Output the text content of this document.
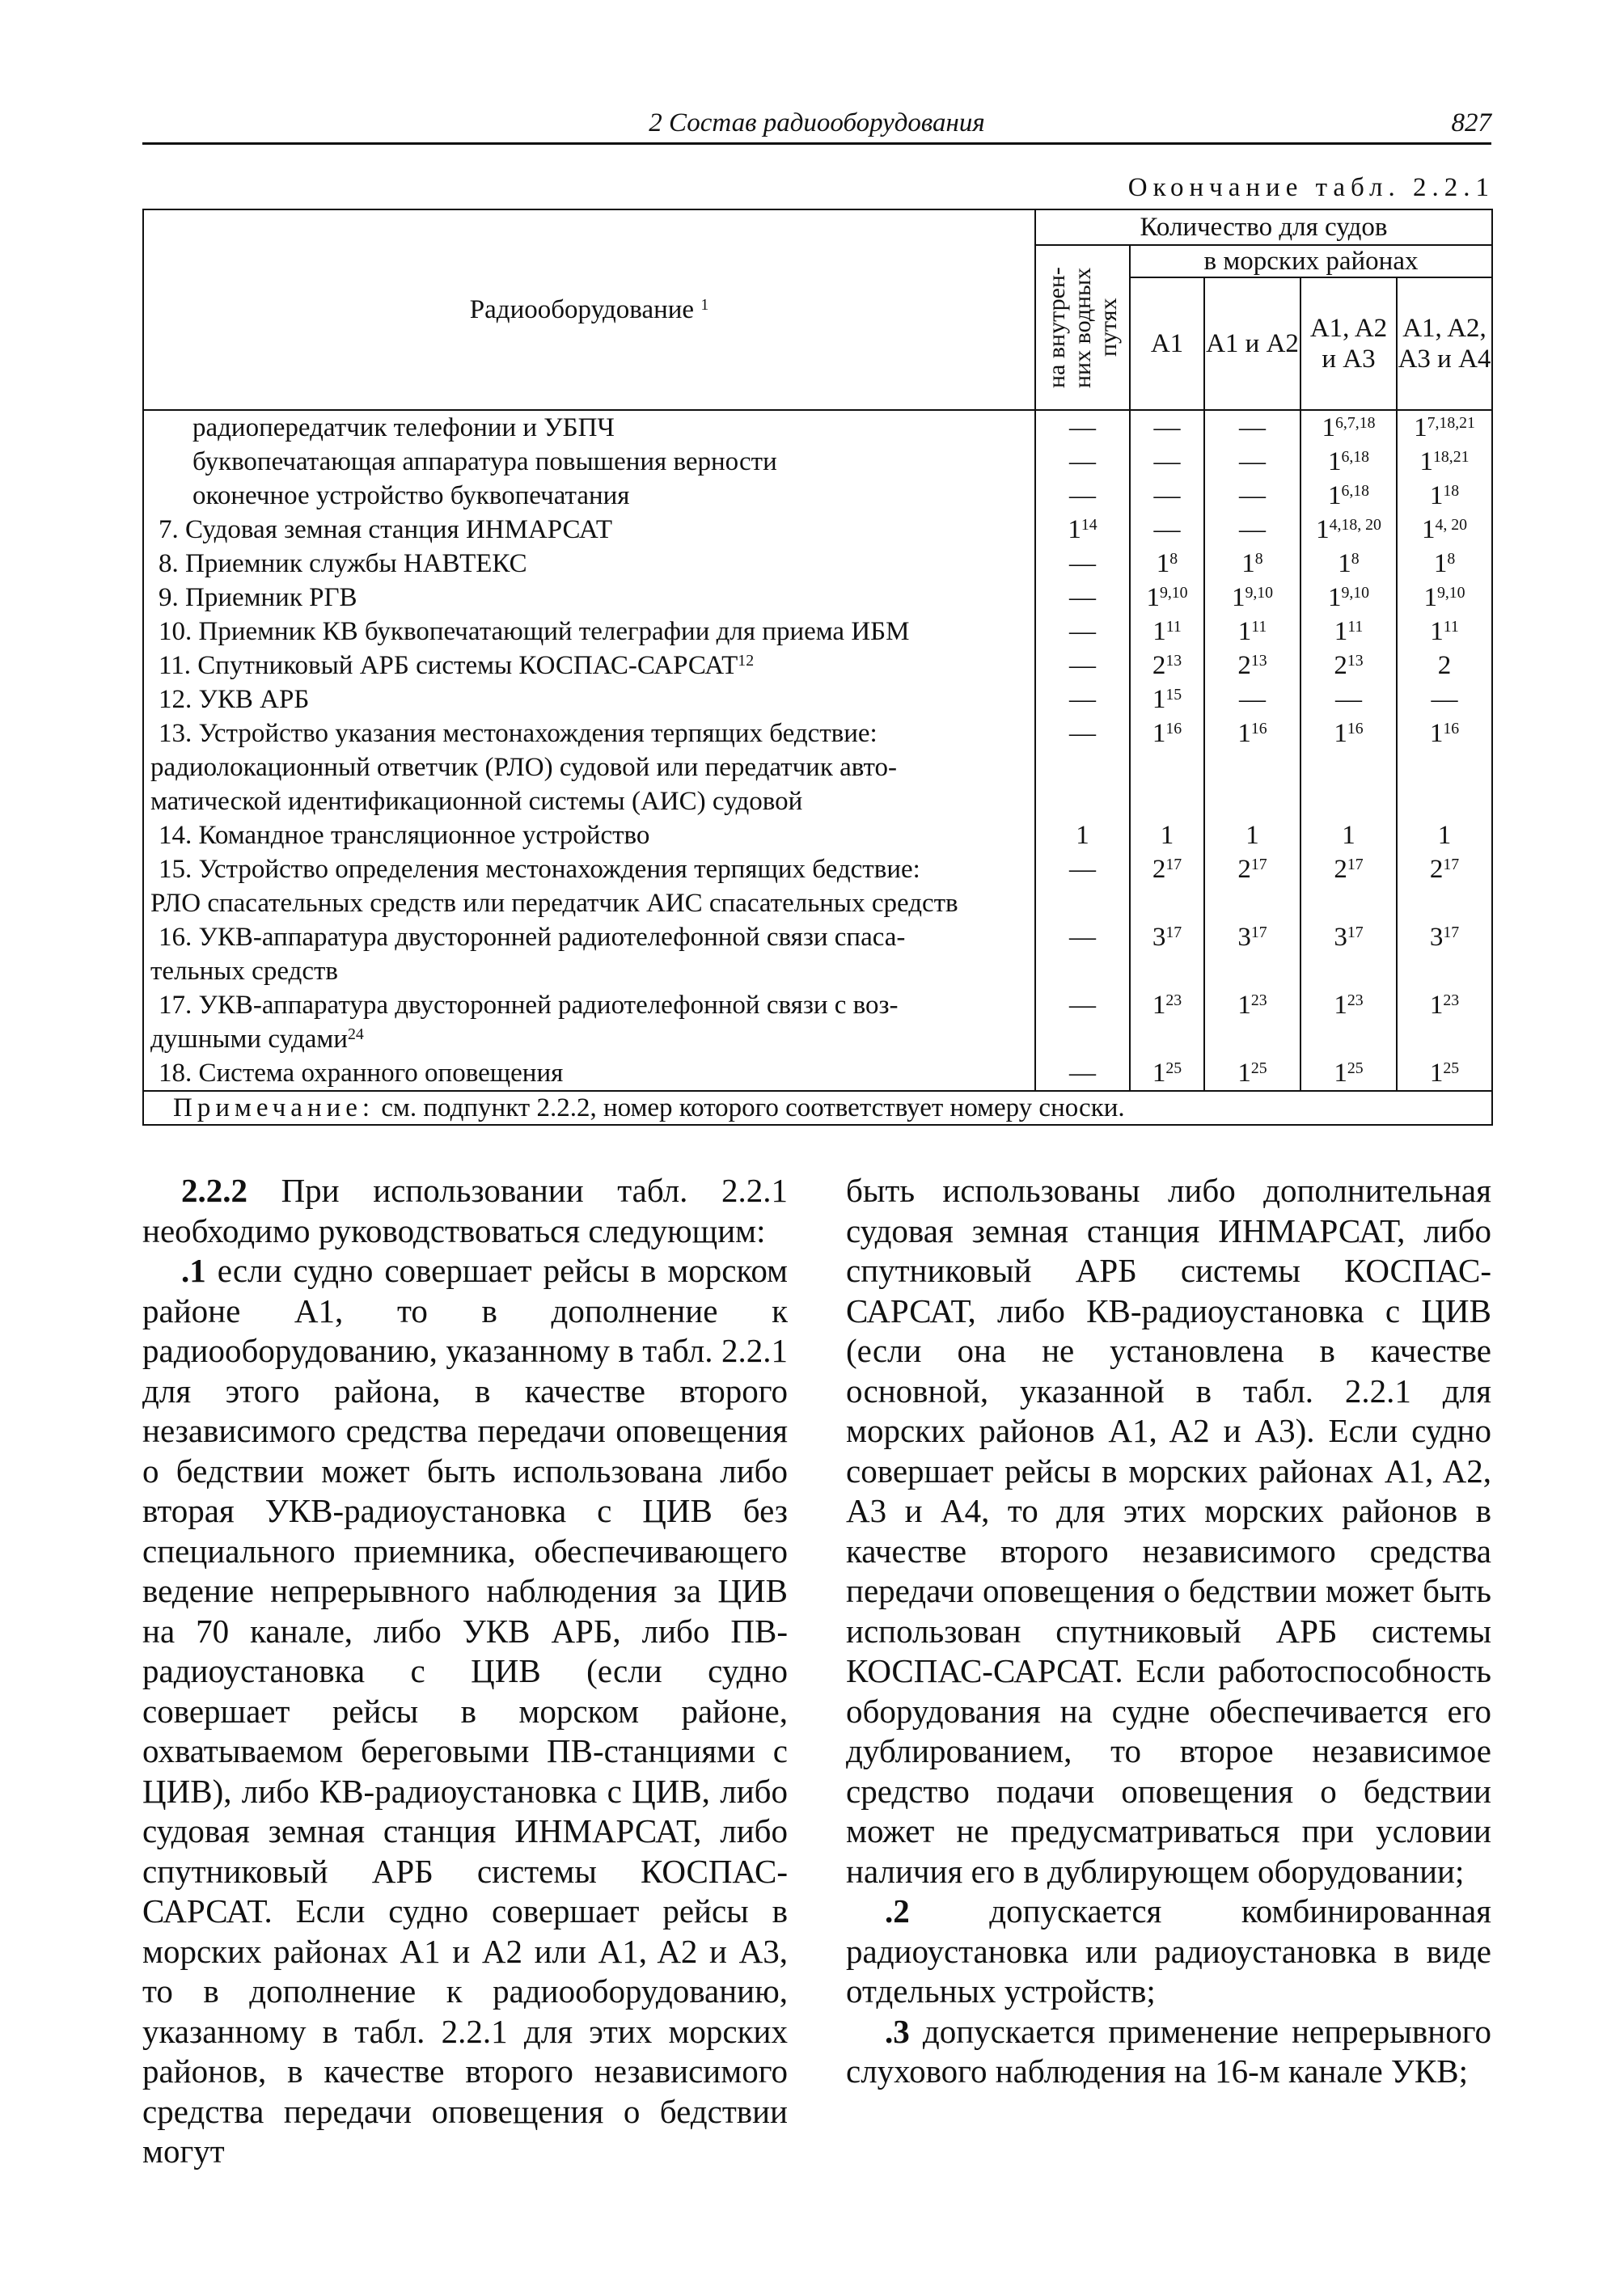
2 Состав радиооборудования	827
Окончание табл. 2.2.1
Радиооборудование $^1$	Количество для судов				

	на внутрен-них водных путях	в морских районах			
		A1	A1 и A2	A1, A2 и A3	A1, A2, A3 и A4

радиопередатчик телефонии и УБПЧ	—	—	—	1$^{6,7,18}$	1$^{7,18,21}$

буквопечатающая аппаратура повышения верности	—	—	—	1$^{6,18}$	1$^{18,21}$

оконечное устройство буквопечатания	—	—	—	1$^{6,18}$	$1^{18}$

7. Судовая земная станция ИНМАРСАТ	$1^{14}$	—	—	1$^{4,18, 20}$	1$^{4, 20}$

8. Приемник службы НАВТЕКС	—	$1^8$	$1^8$	$1^8$	$1^8$

9. Приемник РГВ	—	1$^{9,10}$	1$^{9,10}$	1$^{9,10}$	1$^{9,10}$

10. Приемник КВ буквопечатающий телеграфии для приема ИБМ	—	$1^{11}$	$1^{11}$	$1^{11}$	$1^{11}$

11. Спутниковый АРБ системы КОСПАС-САРСАТ$^{12}$	—	$2^{13}$	$2^{13}$	$2^{13}$	2

12. УКВ АРБ	—	$1^{15}$	—	—	—

13. Устройство указания местонахождения терпящих бедствие:
радиолокационный ответчик (РЛО) судовой или передатчик авто-
матической идентификационной системы (АИС) судовой	—	$1^{16}$	$1^{16}$	$1^{16}$	$1^{16}$

14. Командное трансляционное устройство	1	1	1	1	1

15. Устройство определения местонахождения терпящих бедствие:
РЛО спасательных средств или передатчик АИС спасательных средств	—	$2^{17}$	$2^{17}$	$2^{17}$	$2^{17}$

16. УКВ-аппаратура двусторонней радиотелефонной связи спаса-
тельных средств	—	$3^{17}$	$3^{17}$	$3^{17}$	$3^{17}$

17. УКВ-аппаратура двусторонней радиотелефонной связи с воз-
душными судами$^{24}$	—	$1^{23}$	$1^{23}$	$1^{23}$	$1^{23}$

18. Система охранного оповещения	—	$1^{25}$	$1^{25}$	$1^{25}$	$1^{25}$
Примечание: см. подпункт 2.2.2, номер которого соответствует номеру сноски.					

2.2.2 При использовании табл. 2.2.1 необходимо руководствоваться следующим:

.1 если судно совершает рейсы в морском районе A1, то в дополнение к радиооборудованию, указанному в табл. 2.2.1 для этого района, в качестве второго независимого средства передачи оповещения о бедствии может быть использована либо вторая УКВ-радиоустановка с ЦИВ без специального приемника, обеспечивающего ведение непрерывного наблюдения за ЦИВ на 70 канале, либо УКВ АРБ, либо ПВ-радиоустановка с ЦИВ (если судно совершает рейсы в морском районе, охватываемом береговыми ПВ-станциями с ЦИВ), либо КВ-радиоустановка с ЦИВ, либо судовая земная станция ИНМАРСАТ, либо спутниковый АРБ системы КОСПАС-САРСАТ. Если судно совершает рейсы в морских районах A1 и A2 или A1, A2 и A3, то в дополнение к радиооборудованию, указанному в табл. 2.2.1 для этих морских районов, в качестве второго независимого средства передачи оповещения о бедствии могут

быть использованы либо дополнительная судовая земная станция ИНМАРСАТ, либо спутниковый АРБ системы КОСПАС-САРСАТ, либо КВ-радиоустановка с ЦИВ (если она не установлена в качестве основной, указанной в табл. 2.2.1 для морских районов A1, A2 и A3). Если судно совершает рейсы в морских районах A1, A2, A3 и A4, то для этих морских районов в качестве второго независимого средства передачи оповещения о бедствии может быть использован спутниковый АРБ системы КОСПАС-САРСАТ. Если работоспособность оборудования на судне обеспечивается его дублированием, то второе независимое средство подачи оповещения о бедствии может не предусматриваться при условии наличия его в дублирующем оборудовании;

.2 допускается комбинированная радиоустановка или радиоустановка в виде отдельных устройств;

.3 допускается применение непрерывного слухового наблюдения на 16-м канале УКВ;
